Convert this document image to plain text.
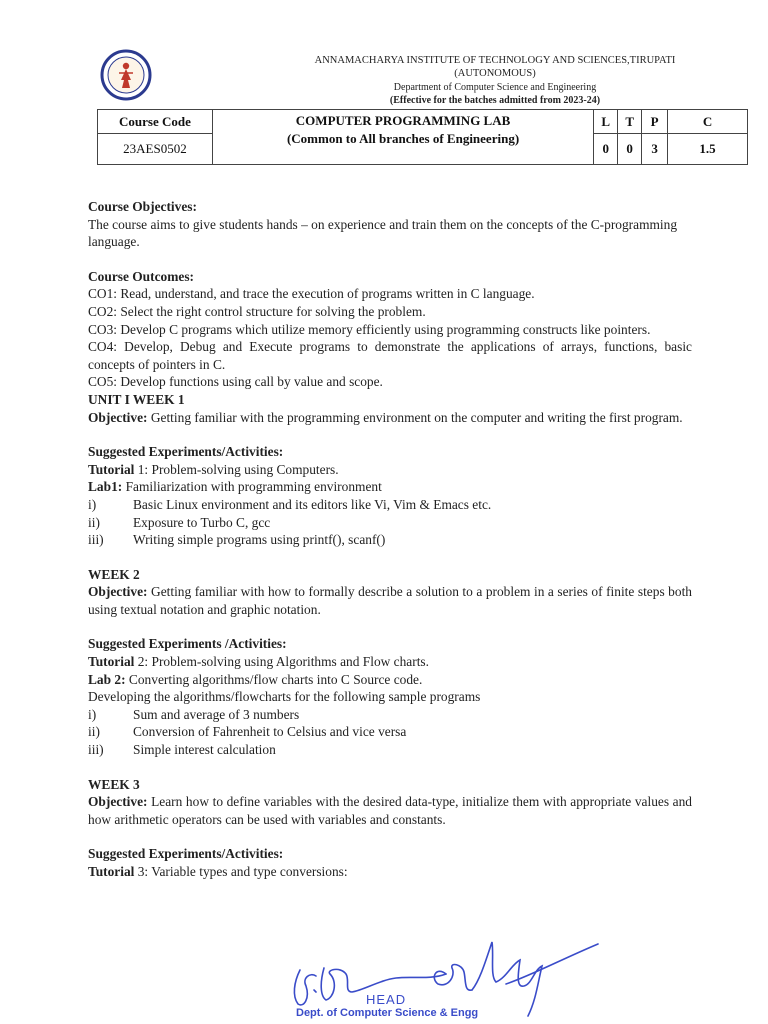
ANNAMACHARYA INSTITUTE OF TECHNOLOGY AND SCIENCES,TIRUPATI
(AUTONOMOUS)
Department of Computer Science and Engineering
(Effective for the batches admitted from 2023-24)
Course Code	COMPUTER PROGRAMMING LAB
(Common to All branches of Engineering)	L	T	P	C
23AES0502		0	0	3	1.5

Course Objectives:

The course aims to give students hands – on experience and train them on the concepts of the C-programming language.

Course Outcomes:

CO1: Read, understand, and trace the execution of programs written in C language.

CO2: Select the right control structure for solving the problem.

CO3: Develop C programs which utilize memory efficiently using programming constructs like pointers.

CO4: Develop, Debug and Execute programs to demonstrate the applications of arrays, functions, basic concepts of pointers in C.

CO5: Develop functions using call by value and scope.

UNIT I WEEK 1

Objective: Getting familiar with the programming environment on the computer and writing the first program.

Suggested Experiments/Activities:

Tutorial 1: Problem-solving using Computers.

Lab1: Familiarization with programming environment

i)	Basic Linux environment and its editors like Vi, Vim & Emacs etc.
ii)	Exposure to Turbo C, gcc
iii)	Writing simple programs using printf(), scanf()

WEEK 2

Objective: Getting familiar with how to formally describe a solution to a problem in a series of finite steps both using textual notation and graphic notation.

Suggested Experiments /Activities:

Tutorial 2: Problem-solving using Algorithms and Flow charts.

Lab 2: Converting algorithms/flow charts into C Source code.

Developing the algorithms/flowcharts for the following sample programs

i)	Sum and average of 3 numbers
ii)	Conversion of Fahrenheit to Celsius and vice versa
iii)	Simple interest calculation

WEEK 3

Objective: Learn how to define variables with the desired data-type, initialize them with appropriate values and how arithmetic operators can be used with variables and constants.

Suggested Experiments/Activities:

Tutorial 3: Variable types and type conversions:

HEAD
Dept. of Computer Science & Engg
